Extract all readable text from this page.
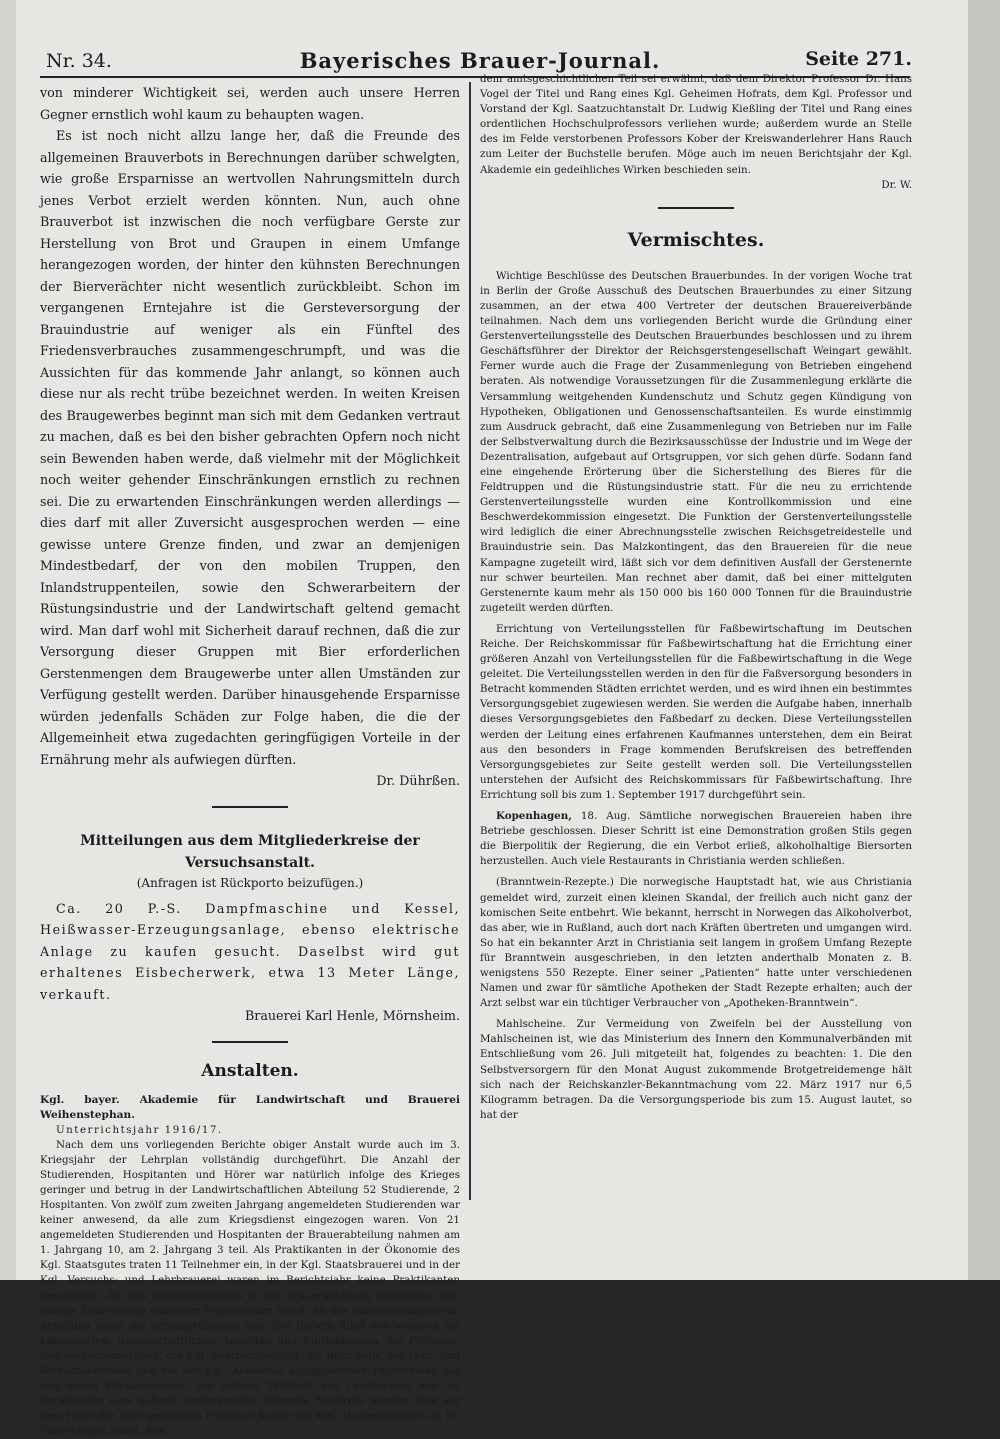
Nr. 34.	Bayerisches Brauer-Journal.	Seite 271.

von minderer Wichtigkeit sei, werden auch unsere Herren Gegner ernstlich wohl kaum zu behaupten wagen.

Es ist noch nicht allzu lange her, daß die Freunde des allgemeinen Brauverbots in Berechnungen darüber schwelgten, wie große Ersparnisse an wertvollen Nahrungsmitteln durch jenes Verbot erzielt werden könnten. Nun, auch ohne Brauverbot ist inzwischen die noch verfügbare Gerste zur Herstellung von Brot und Graupen in einem Umfange herangezogen worden, der hinter den kühnsten Berechnungen der Bierverächter nicht wesentlich zurückbleibt. Schon im vergangenen Erntejahre ist die Gersteversorgung der Brauindustrie auf weniger als ein Fünftel des Friedensverbrauches zusammengeschrumpft, und was die Aussichten für das kommende Jahr anlangt, so können auch diese nur als recht trübe bezeichnet werden. In weiten Kreisen des Braugewerbes beginnt man sich mit dem Gedanken vertraut zu machen, daß es bei den bisher gebrachten Opfern noch nicht sein Bewenden haben werde, daß vielmehr mit der Möglichkeit noch weiter gehender Einschränkungen ernstlich zu rechnen sei. Die zu erwartenden Einschränkungen werden allerdings — dies darf mit aller Zuversicht ausgesprochen werden — eine gewisse untere Grenze finden, und zwar an demjenigen Mindestbedarf, der von den mobilen Truppen, den Inlandstruppenteilen, sowie den Schwerarbeitern der Rüstungsindustrie und der Landwirtschaft geltend gemacht wird. Man darf wohl mit Sicherheit darauf rechnen, daß die zur Versorgung dieser Gruppen mit Bier erforderlichen Gerstenmengen dem Braugewerbe unter allen Umständen zur Verfügung gestellt werden. Darüber hinausgehende Ersparnisse würden jedenfalls Schäden zur Folge haben, die die der Allgemeinheit etwa zugedachten geringfügigen Vorteile in der Ernährung mehr als aufwiegen dürften.

Dr. Dührßen.

Mitteilungen aus dem Mitgliederkreise der Versuchsanstalt.
(Anfragen ist Rückporto beizufügen.)

Ca. 20 P.-S. Dampfmaschine und Kessel, Heißwasser-Erzeugungsanlage, ebenso elektrische Anlage zu kaufen gesucht. Daselbst wird gut erhaltenes Eisbecherwerk, etwa 13 Meter Länge, verkauft.

Brauerei Karl Henle, Mörnsheim.

Anstalten.

Kgl. bayer. Akademie für Landwirtschaft und Brauerei Weihenstephan.

Unterrichtsjahr 1916/17.

Nach dem uns vorliegenden Berichte obiger Anstalt wurde auch im 3. Kriegsjahr der Lehrplan vollständig durchgeführt. Die Anzahl der Studierenden, Hospitanten und Hörer war natürlich infolge des Krieges geringer und betrug in der Landwirtschaftlichen Abteilung 52 Studierende, 2 Hospitanten. Von zwölf zum zweiten Jahrgang angemeldeten Studierenden war keiner anwesend, da alle zum Kriegsdienst eingezogen waren. Von 21 angemeldeten Studierenden und Hospitanten der Brauerabteilung nahmen am 1. Jahrgang 10, am 2. Jahrgang 3 teil. Als Praktikanten in der Ökonomie des Kgl. Staatsgutes traten 11 Teilnehmer ein, in der Kgl. Staatsbrauerei und in der Kgl. Versuchs- und Lehrbrauerei waren im Berichtsjahr keine Praktikanten beschäftigt. An den Schlußprüfungen in der Brauerabteilung beteiligten sich infolge Einberufung einzelner Studierender nur 8, an der landwirtschaftlichen Abteilung fielen die Schlußprüfungen aus. Der Bericht führt des weiteren die Laboratorien, wissenschaftlichen Anstalten und Einrichtungen, die Prüfungs- und Versuchsanstalten, die Kgl. Saatzuchtanstalt, die Buchstelle, die Lehr- und Versuchsbetriebe und die der Kgl. Akademie angegliederten Fachschulen auf und deren Wirkungsweise. Die äußere Tätigkeit des Lehrkörpers war im Berichtsjahr eine äußerst umfangreiche. Ehrende Nachrufe wurden dem auf dem Felde der Ehre gefallenen Professor Kober und Kgl. Akademielehrer Dr. Fr. Fleischmann zuteil. Aus

dem amtsgeschichtlichen Teil sei erwähnt, daß dem Direktor Professor Dr. Hans Vogel der Titel und Rang eines Kgl. Geheimen Hofrats, dem Kgl. Professor und Vorstand der Kgl. Saatzuchtanstalt Dr. Ludwig Kießling der Titel und Rang eines ordentlichen Hochschulprofessors verliehen wurde; außerdem wurde an Stelle des im Felde verstorbenen Professors Kober der Kreiswanderlehrer Hans Rauch zum Leiter der Buchstelle berufen. Möge auch im neuen Berichtsjahr der Kgl. Akademie ein gedeihliches Wirken beschieden sein.

Dr. W.

Vermischtes.

Wichtige Beschlüsse des Deutschen Brauerbundes. In der vorigen Woche trat in Berlin der Große Ausschuß des Deutschen Brauerbundes zu einer Sitzung zusammen, an der etwa 400 Vertreter der deutschen Brauereiverbände teilnahmen. Nach dem uns vorliegenden Bericht wurde die Gründung einer Gerstenverteilungsstelle des Deutschen Brauerbundes beschlossen und zu ihrem Geschäftsführer der Direktor der Reichsgerstengesellschaft Weingart gewählt. Ferner wurde auch die Frage der Zusammenlegung von Betrieben eingehend beraten. Als notwendige Voraussetzungen für die Zusammenlegung erklärte die Versammlung weitgehenden Kundenschutz und Schutz gegen Kündigung von Hypotheken, Obligationen und Genossenschaftsanteilen. Es wurde einstimmig zum Ausdruck gebracht, daß eine Zusammenlegung von Betrieben nur im Falle der Selbstverwaltung durch die Bezirksausschüsse der Industrie und im Wege der Dezentralisation, aufgebaut auf Ortsgruppen, vor sich gehen dürfe. Sodann fand eine eingehende Erörterung über die Sicherstellung des Bieres für die Feldtruppen und die Rüstungsindustrie statt. Für die neu zu errichtende Gerstenverteilungsstelle wurden eine Kontrollkommission und eine Beschwerdekommission eingesetzt. Die Funktion der Gerstenverteilungsstelle wird lediglich die einer Abrechnungsstelle zwischen Reichsgetreidestelle und Brauindustrie sein. Das Malzkontingent, das den Brauereien für die neue Kampagne zugeteilt wird, läßt sich vor dem definitiven Ausfall der Gerstenernte nur schwer beurteilen. Man rechnet aber damit, daß bei einer mittelguten Gerstenernte kaum mehr als 150 000 bis 160 000 Tonnen für die Brauindustrie zugeteilt werden dürften.

Errichtung von Verteilungsstellen für Faßbewirtschaftung im Deutschen Reiche. Der Reichskommissar für Faßbewirtschaftung hat die Errichtung einer größeren Anzahl von Verteilungsstellen für die Faßbewirtschaftung in die Wege geleitet. Die Verteilungsstellen werden in den für die Faßversorgung besonders in Betracht kommenden Städten errichtet werden, und es wird ihnen ein bestimmtes Versorgungsgebiet zugewiesen werden. Sie werden die Aufgabe haben, innerhalb dieses Versorgungsgebietes den Faßbedarf zu decken. Diese Verteilungsstellen werden der Leitung eines erfahrenen Kaufmannes unterstehen, dem ein Beirat aus den besonders in Frage kommenden Berufskreisen des betreffenden Versorgungsgebietes zur Seite gestellt werden soll. Die Verteilungsstellen unterstehen der Aufsicht des Reichskommissars für Faßbewirtschaftung. Ihre Errichtung soll bis zum 1. September 1917 durchgeführt sein.

Kopenhagen, 18. Aug. Sämtliche norwegischen Brauereien haben ihre Betriebe geschlossen. Dieser Schritt ist eine Demonstration großen Stils gegen die Bierpolitik der Regierung, die ein Verbot erließ, alkoholhaltige Biersorten herzustellen. Auch viele Restaurants in Christiania werden schließen.

(Branntwein-Rezepte.) Die norwegische Hauptstadt hat, wie aus Christiania gemeldet wird, zurzeit einen kleinen Skandal, der freilich auch nicht ganz der komischen Seite entbehrt. Wie bekannt, herrscht in Norwegen das Alkoholverbot, das aber, wie in Rußland, auch dort nach Kräften übertreten und umgangen wird. So hat ein bekannter Arzt in Christiania seit langem in großem Umfang Rezepte für Branntwein ausgeschrieben, in den letzten anderthalb Monaten z. B. wenigstens 550 Rezepte. Einer seiner „Patienten“ hatte unter verschiedenen Namen und zwar für sämtliche Apotheken der Stadt Rezepte erhalten; auch der Arzt selbst war ein tüchtiger Verbraucher von „Apotheken-Branntwein“.

Mahlscheine. Zur Vermeidung von Zweifeln bei der Ausstellung von Mahlscheinen ist, wie das Ministerium des Innern den Kommunalverbänden mit Entschließung vom 26. Juli mitgeteilt hat, folgendes zu beachten: 1. Die den Selbstversorgern für den Monat August zukommende Brotgetreidemenge hält sich nach der Reichskanzler-Bekanntmachung vom 22. März 1917 nur 6,5 Kilogramm betragen. Da die Versorgungsperiode bis zum 15. August lautet, so hat der
